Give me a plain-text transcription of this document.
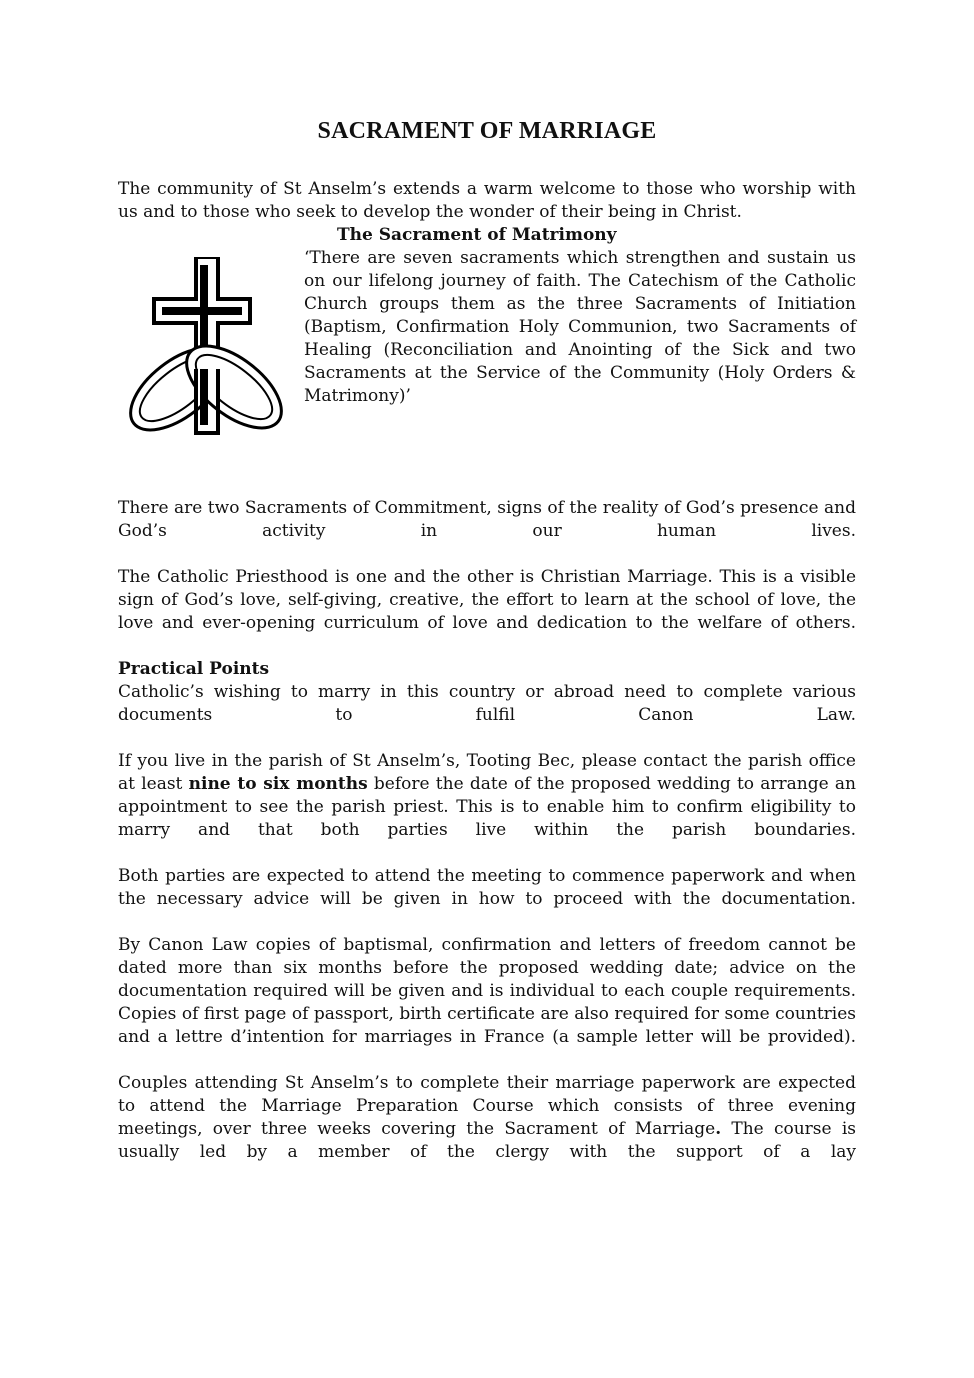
SACRAMENT OF MARRIAGE

The community of St Anselm’s extends a warm welcome to those who worship with us and to those who seek to develop the wonder of their being in Christ.

The Sacrament of Matrimony

‘There are seven sacraments which strengthen and sustain us on our lifelong journey of faith. The Catechism of the Catholic Church groups them as the three Sacraments of Initiation (Baptism, Confirmation Holy Communion, two Sacraments of Healing (Reconciliation and Anointing of the Sick and two Sacraments at the Service of the Community (Holy Orders & Matrimony)’

There are two Sacraments of Commitment, signs of the reality of God’s presence and God’s activity in our human lives.

The Catholic Priesthood is one and the other is Christian Marriage. This is a visible sign of God’s love, self-giving, creative, the effort to learn at the school of love, the love and ever-opening curriculum of love and dedication to the welfare of others.

Practical Points

Catholic’s wishing to marry in this country or abroad need to complete various documents to fulfil Canon Law.

If you live in the parish of St Anselm’s, Tooting Bec, please contact the parish office at least nine to six months before the date of the proposed wedding to arrange an appointment to see the parish priest. This is to enable him to confirm eligibility to marry and that both parties live within the parish boundaries.

Both parties are expected to attend the meeting to commence paperwork and when the necessary advice will be given in how to proceed with the documentation.

By Canon Law copies of baptismal, confirmation and letters of freedom cannot be dated more than six months before the proposed wedding date; advice on the documentation required will be given and is individual to each couple requirements. Copies of first page of passport, birth certificate are also required for some countries and a lettre d’intention for marriages in France (a sample letter will be provided).

Couples attending St Anselm’s to complete their marriage paperwork are expected to attend the Marriage Preparation Course which consists of three evening meetings, over three weeks covering the Sacrament of Marriage. The course is usually led by a member of the clergy with the support of a lay
